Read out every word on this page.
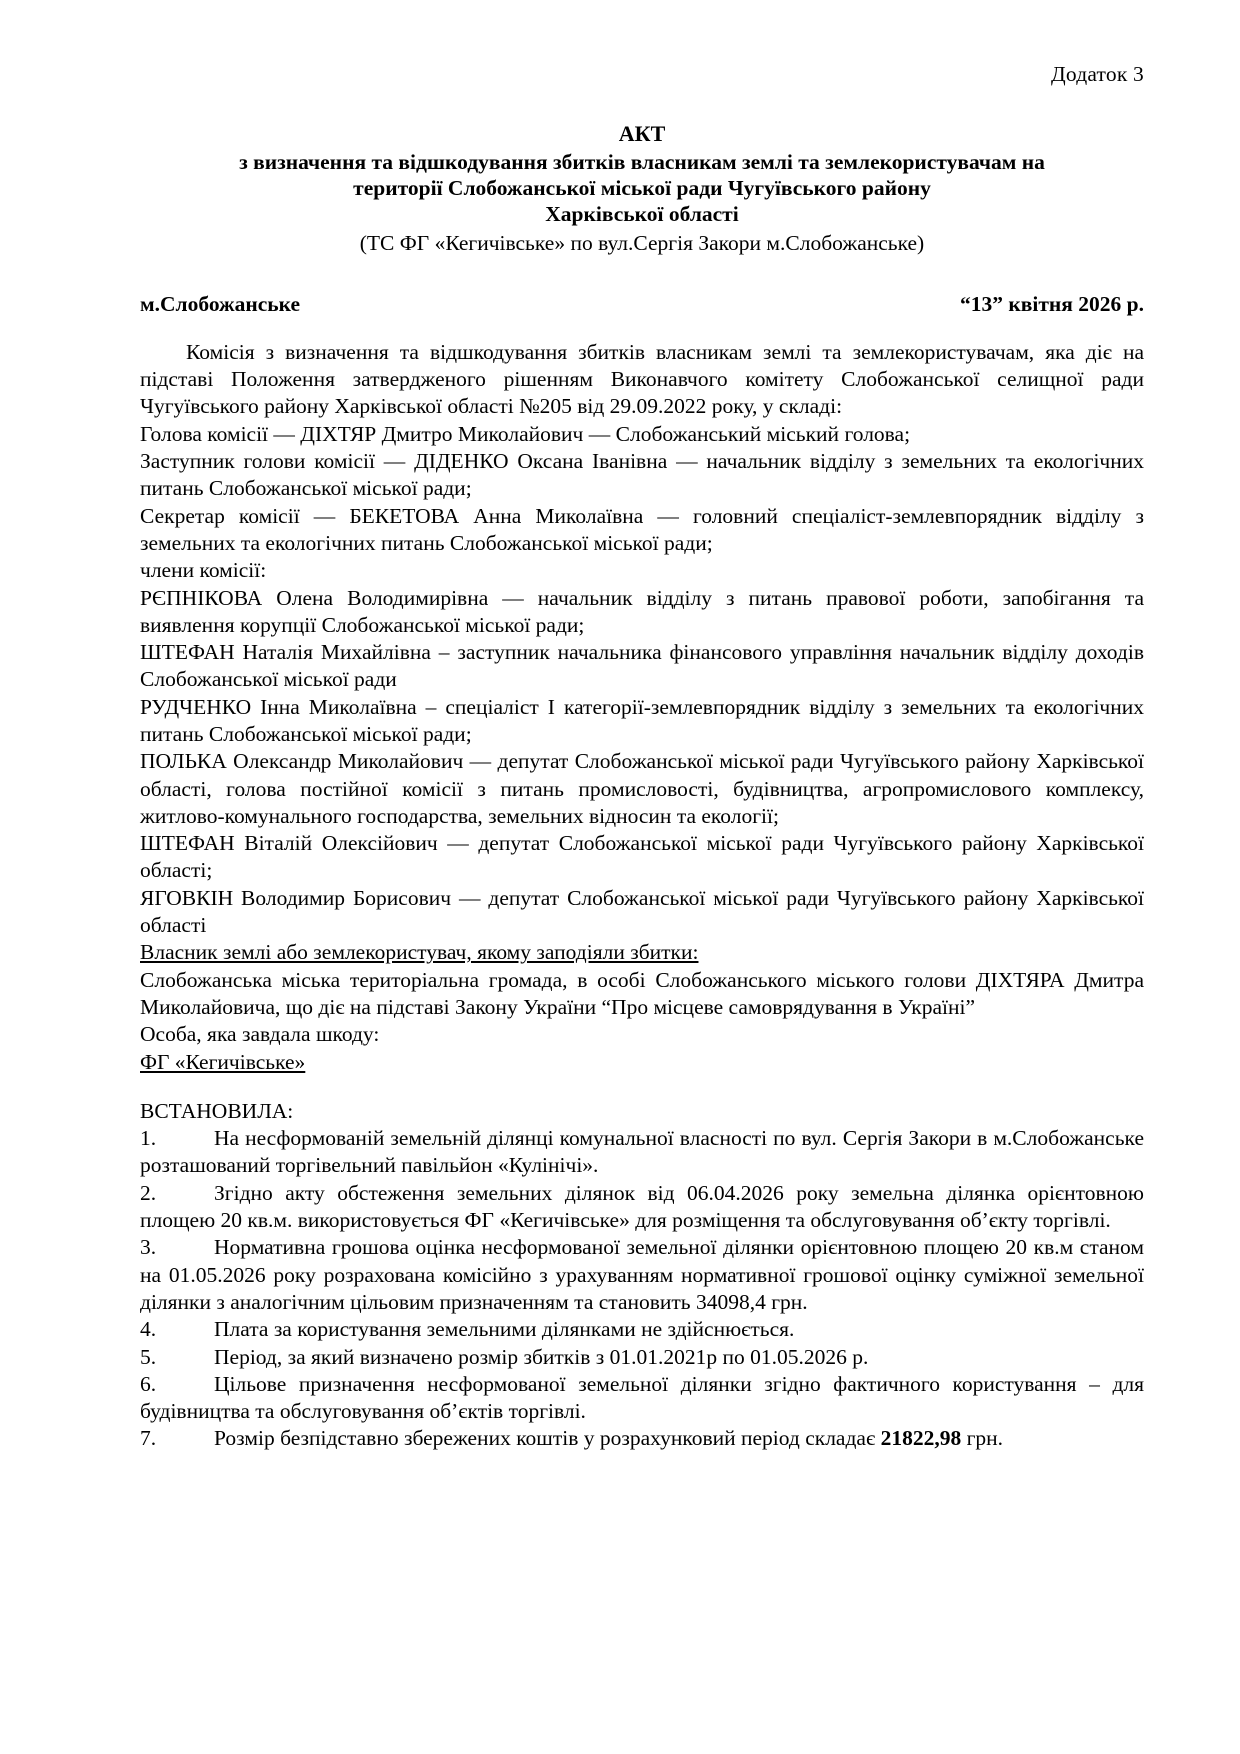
Додаток 3
АКТ
з визначення та відшкодування збитків власникам землі та землекористувачам на
території Слобожанської міської ради Чугуївського району
Харківської області
(ТС ФГ «Кегичівське» по вул.Сергія Закори м.Слобожанське)
м.Слобожанське	“13” квітня 2026 р.

Комісія з визначення та відшкодування збитків власникам землі та землекористувачам, яка діє на підставі Положення затвердженого рішенням Виконавчого комітету Слобожанської селищної ради Чугуївського району Харківської області №205 від 29.09.2022 року, у складі:

Голова комісії — ДІХТЯР Дмитро Миколайович — Слобожанський міський голова;

Заступник голови комісії — ДІДЕНКО Оксана Іванівна — начальник відділу з земельних та екологічних питань Слобожанської міської ради;

Секретар комісії — БЕКЕТОВА Анна Миколаївна — головний спеціаліст-землевпорядник відділу з земельних та екологічних питань Слобожанської міської ради;

члени комісії:

РЄПНІКОВА Олена Володимирівна — начальник відділу з питань правової роботи, запобігання та виявлення корупції Слобожанської міської ради;

ШТЕФАН Наталія Михайлівна – заступник начальника фінансового управління начальник відділу доходів Слобожанської міської ради

РУДЧЕНКО Інна Миколаївна – спеціаліст І категорії-землевпорядник відділу з земельних та екологічних питань Слобожанської міської ради;

ПОЛЬКА Олександр Миколайович — депутат Слобожанської міської ради Чугуївського району Харківської області, голова постійної комісії з питань промисловості, будівництва, агропромислового комплексу, житлово-комунального господарства, земельних відносин та екології;

ШТЕФАН Віталій Олексійович — депутат Слобожанської міської ради Чугуївського району Харківської області;

ЯГОВКІН Володимир Борисович — депутат Слобожанської міської ради Чугуївського району Харківської області

Власник землі або землекористувач, якому заподіяли збитки:

Слобожанська міська територіальна громада, в особі Слобожанського міського голови ДІХТЯРА Дмитра Миколайовича, що діє на підставі Закону України “Про місцеве самоврядування в Україні”

Особа, яка завдала шкоду:

ФГ «Кегичівське»

ВСТАНОВИЛА:

1.	На несформованій земельній ділянці комунальної власності по вул. Сергія Закори в м.Слобожанське розташований торгівельний павільйон «Кулінічі».

2.	Згідно акту обстеження земельних ділянок від 06.04.2026 року земельна ділянка орієнтовною площею 20 кв.м. використовується ФГ «Кегичівське» для розміщення та обслуговування об’єкту торгівлі.

3.	Нормативна грошова оцінка несформованої земельної ділянки орієнтовною площею 20 кв.м станом на 01.05.2026 року розрахована комісійно з урахуванням нормативної грошової оцінку суміжної земельної ділянки з аналогічним цільовим призначенням та становить 34098,4 грн.

4.	Плата за користування земельними ділянками не здійснюється.

5.	Період, за який визначено розмір збитків з 01.01.2021р по 01.05.2026 р.

6.	Цільове призначення несформованої земельної ділянки згідно фактичного користування – для будівництва та обслуговування об’єктів торгівлі.

7.	Розмір безпідставно збережених коштів у розрахунковий період складає 21822,98 грн.
